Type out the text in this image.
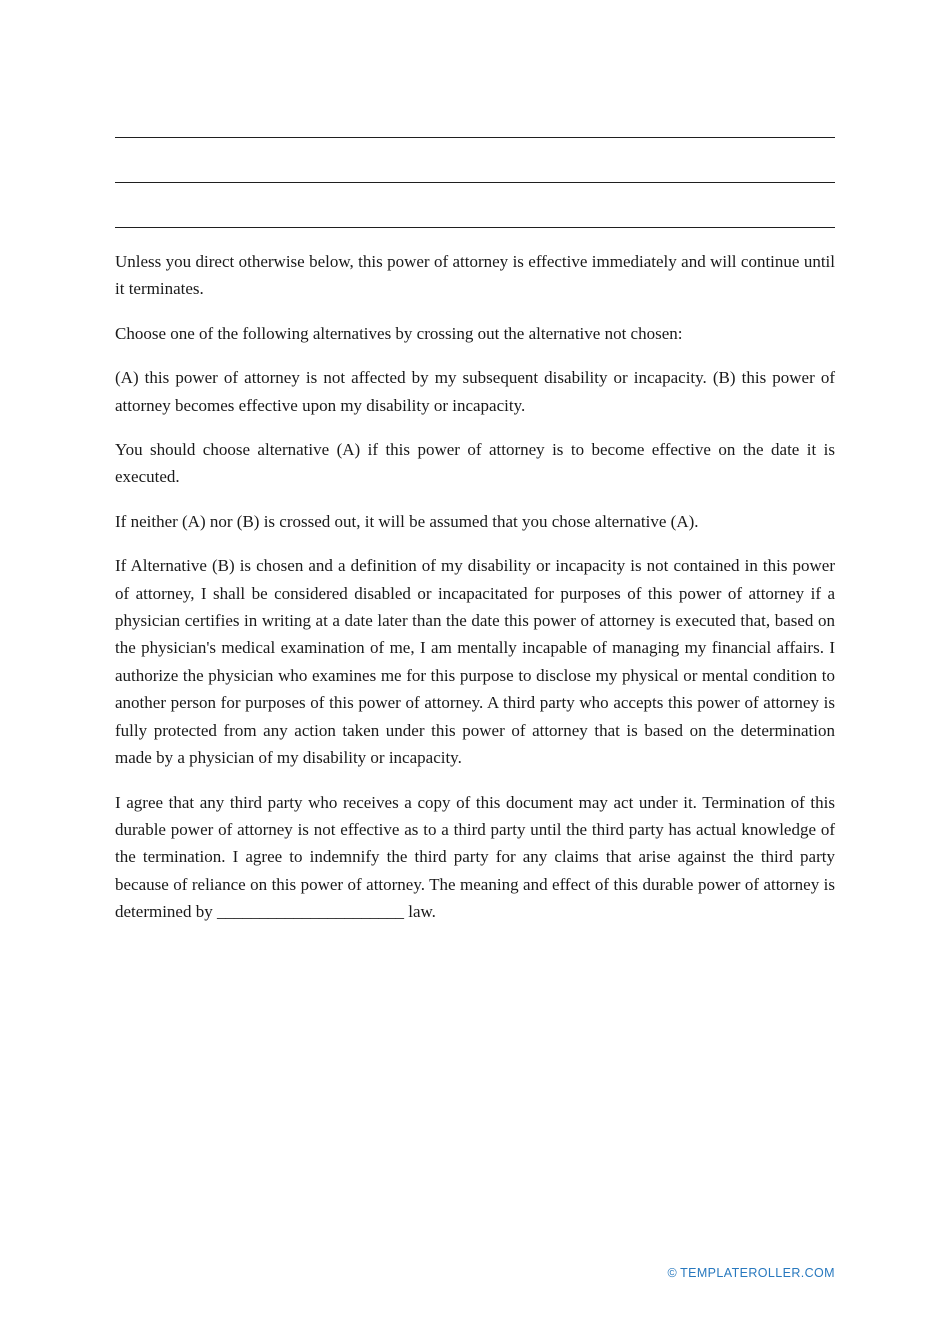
Unless you direct otherwise below, this power of attorney is effective immediately and will continue until it terminates.

Choose one of the following alternatives by crossing out the alternative not chosen:

(A) this power of attorney is not affected by my subsequent disability or incapacity. (B) this power of attorney becomes effective upon my disability or incapacity.

You should choose alternative (A) if this power of attorney is to become effective on the date it is executed.

If neither (A) nor (B) is crossed out, it will be assumed that you chose alternative (A).

If Alternative (B) is chosen and a definition of my disability or incapacity is not contained in this power of attorney, I shall be considered disabled or incapacitated for purposes of this power of attorney if a physician certifies in writing at a date later than the date this power of attorney is executed that, based on the physician's medical examination of me, I am mentally incapable of managing my financial affairs. I authorize the physician who examines me for this purpose to disclose my physical or mental condition to another person for purposes of this power of attorney. A third party who accepts this power of attorney is fully protected from any action taken under this power of attorney that is based on the determination made by a physician of my disability or incapacity.

I agree that any third party who receives a copy of this document may act under it. Termination of this durable power of attorney is not effective as to a third party until the third party has actual knowledge of the termination. I agree to indemnify the third party for any claims that arise against the third party because of reliance on this power of attorney. The meaning and effect of this durable power of attorney is determined by ______________________ law.

© TEMPLATEROLLER.COM
